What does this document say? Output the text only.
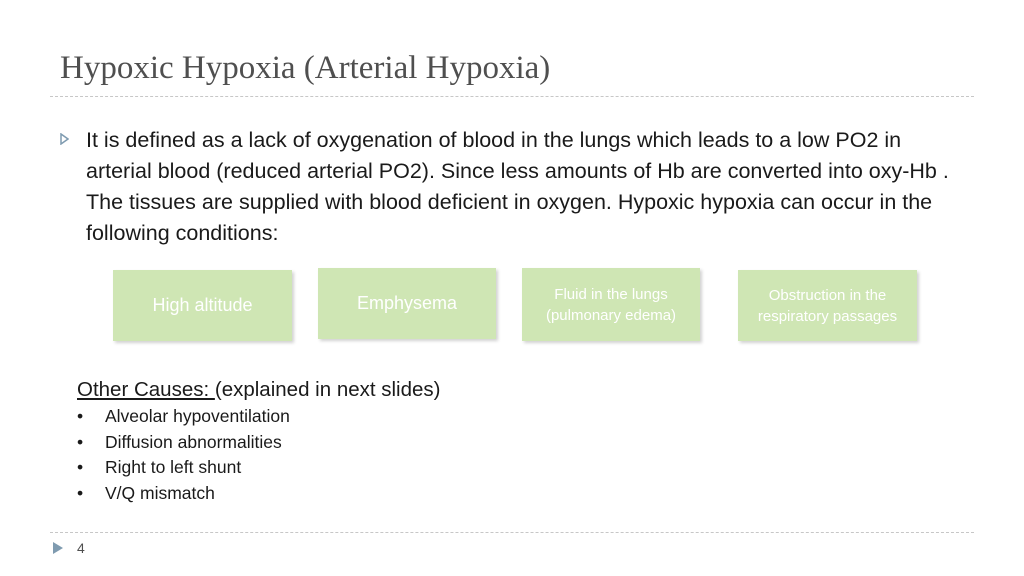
Hypoxic Hypoxia (Arterial Hypoxia)

It is defined as a lack of oxygenation of blood in the lungs which leads to a low PO2 in arterial blood (reduced arterial PO2). Since less amounts of Hb are converted into oxy-Hb . The tissues are supplied with blood deficient in oxygen. Hypoxic hypoxia can occur in the following conditions:

High altitude	Emphysema	Fluid in the lungs
(pulmonary edema)
Obstruction in the
respiratory passages

Other Causes: (explained in next slides)

•	Alveolar hypoventilation
•	Diffusion abnormalities
•	Right to left shunt
•	V/Q mismatch
4
